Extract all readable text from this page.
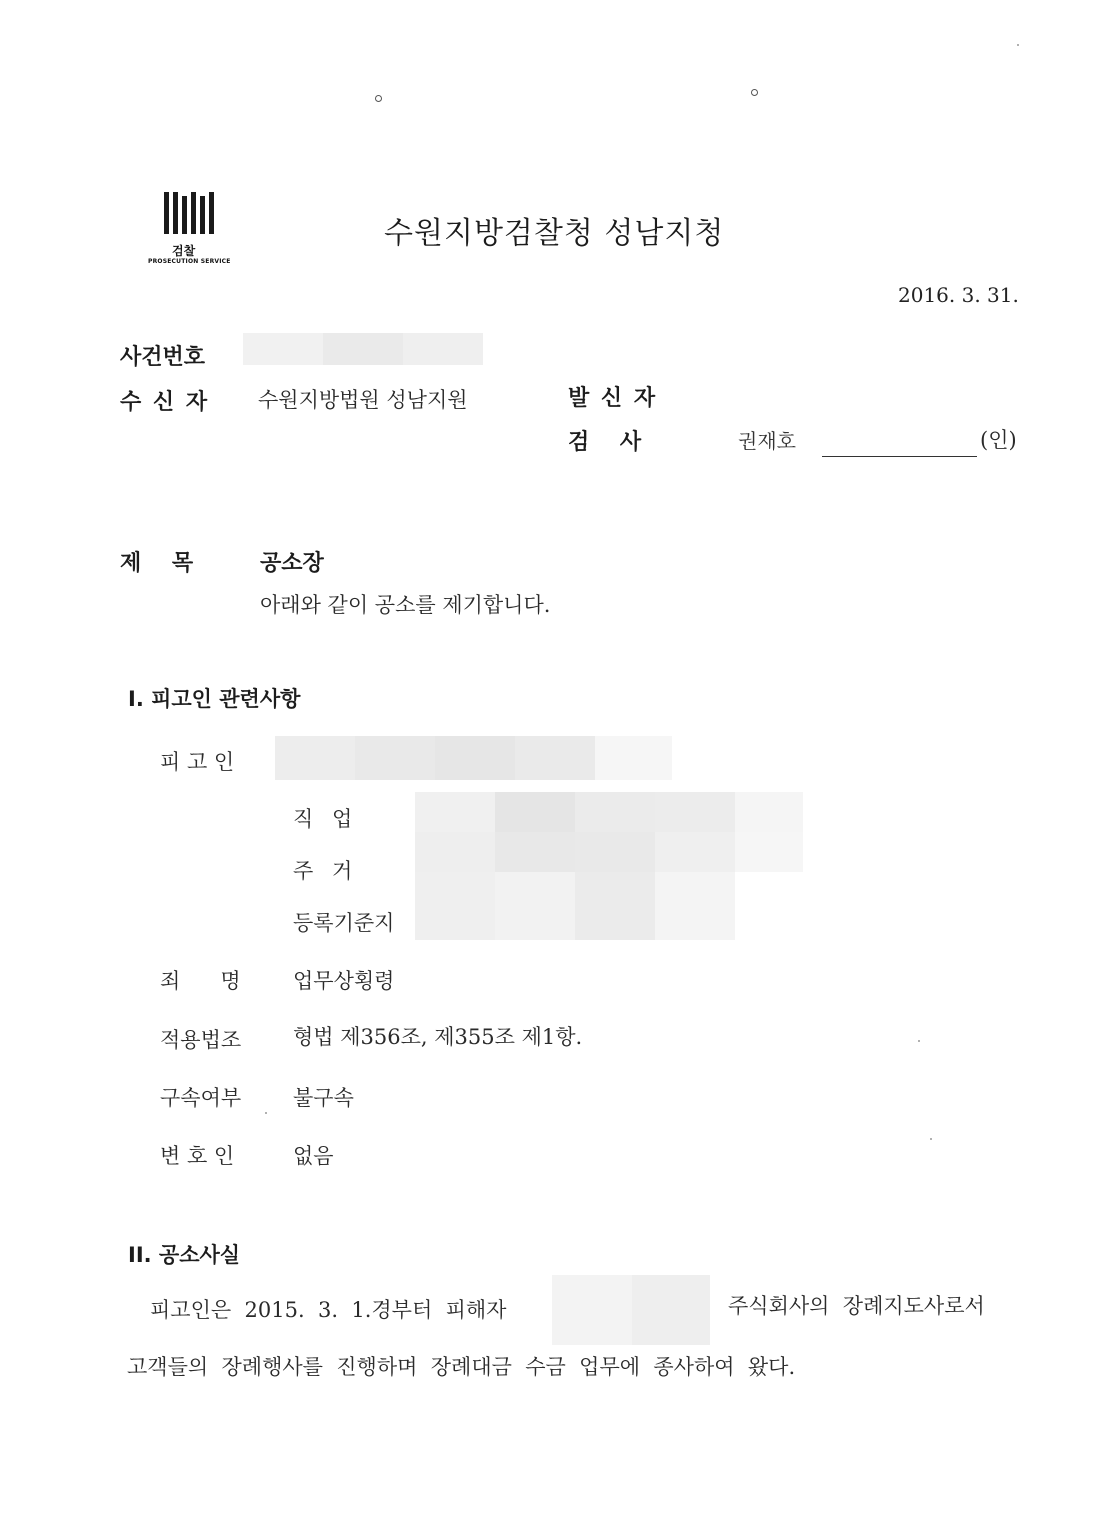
검찰
PROSECUTION SERVICE
수원지방검찰청 성남지청
2016. 3. 31.
사건번호
수 신 자 수원지방법원 성남지원	발 신 자
검    사	권재호	(인)
제    목	공소장
아래와 같이 공소를 제기합니다.
I. 피고인 관련사항
피 고 인
직 업
주 거
등록기준지
죄      명 업무상횡령
적용법조 형법 제356조, 제355조 제1항.
구속여부 불구속
변 호 인	없음
II. 공소사실
피고인은  2015.  3.  1.경부터  피해자	주식회사의  장례지도사로서
고객들의  장례행사를  진행하며  장례대금  수금  업무에  종사하여  왔다.
